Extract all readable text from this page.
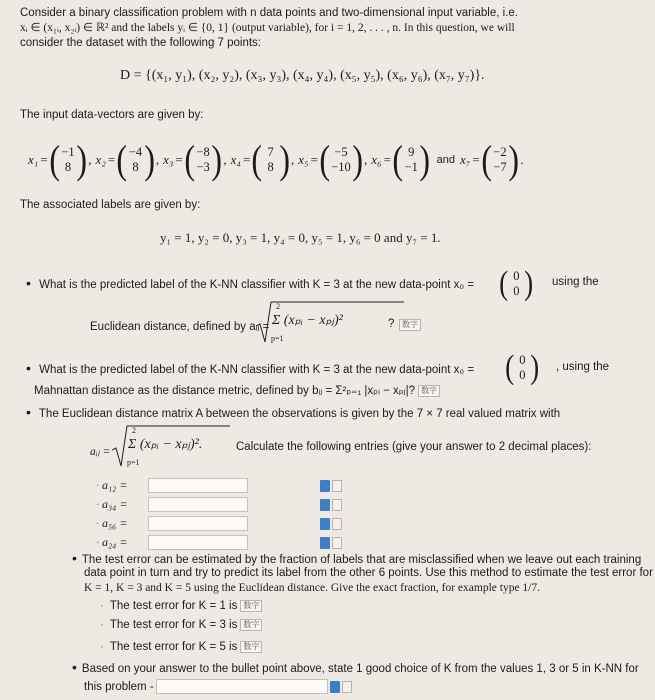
Consider a binary classification problem with n data points and two-dimensional input variable, i.e.
xᵢ ∈ (x₁ᵢ, x₂ᵢ) ∈ ℝ² and the labels yᵢ ∈ {0, 1} (output variable), for i = 1, 2, . . . , n. In this question, we will
consider the dataset with the following 7 points:
D = {(x₁, y₁), (x₂, y₂), (x₃, y₃), (x₄, y₄), (x₅, y₅), (x₆, y₆), (x₇, y₇)}.
The input data-vectors are given by:
x₁ = ( −1
8 ) , x₂ = ( −4
8 ) , x₃ = ( −8
−3 ) , x₄ = ( 7
8 ) , x₅ = ( −5
−10 ) , x₆ = ( 9
−1 ) and x₇ = ( −2
−7 ) .
The associated labels are given by:
y₁ = 1, y₂ = 0, y₃ = 1, y₄ = 0, y₅ = 1, y₆ = 0 and y₇ = 1.
• What is the predicted label of the K-NN classifier with K = 3 at the new data-point x₀ = ( 0
0 ) using the
Euclidean distance, defined by aᵢⱼ =
2
p=1
Σ (xₚᵢ − xₚⱼ)²	? 数字
• What is the predicted label of the K-NN classifier with K = 3 at the new data-point x₀ = ( 0
0 ) , using the
Mahnattan distance as the distance metric, defined by bᵢⱼ = Σ²ₚ₌₁ |xₚᵢ − xₚⱼ|? 数字
• The Euclidean distance matrix A between the observations is given by the 7 × 7 real valued matrix with
aᵢⱼ =
2
p=1
Σ (xₚᵢ − xₚⱼ)².	Calculate the following entries (give your answer to 2 decimal places):
· a₁₂ =
· a₃₄ =
· a₅₆ =
· a₂₄ =
• The test error can be estimated by the fraction of labels that are misclassified when we leave out each training
data point in turn and try to predict its label from the other 6 points. Use this method to estimate the test error for
K = 1, K = 3 and K = 5 using the Euclidean distance. Give the exact fraction, for example type 1/7.
· The test error for K = 1 is 数字
· The test error for K = 3 is 数字
· The test error for K = 5 is 数字
• Based on your answer to the bullet point above, state 1 good choice of K from the values 1, 3 or 5 in K-NN for
this problem -
